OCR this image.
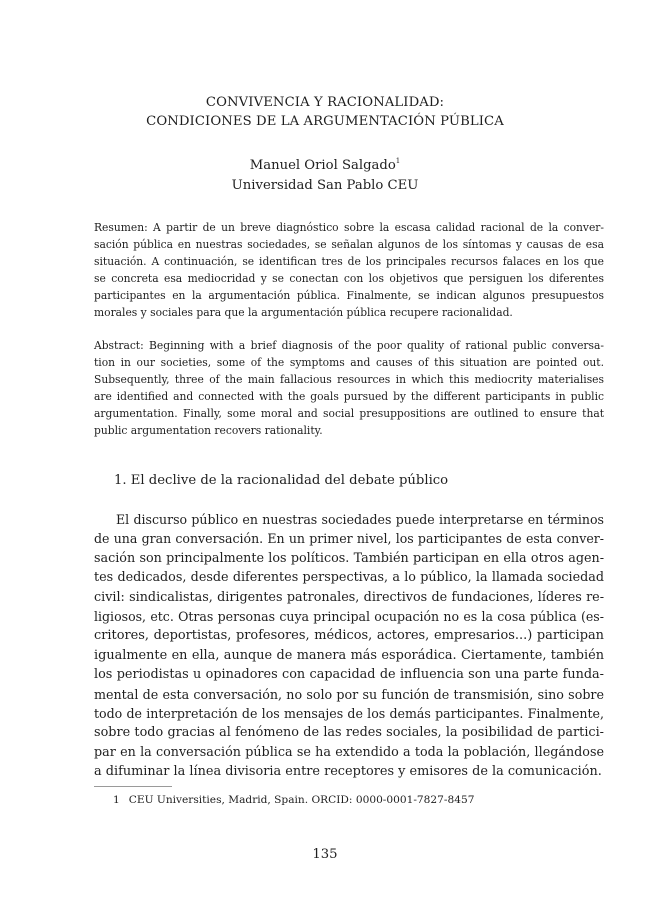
CONVIVENCIA Y RACIONALIDAD:
CONDICIONES DE LA ARGUMENTACIÓN PÚBLICA
Manuel Oriol Salgado$^1$
Universidad San Pablo CEU
Resumen: A partir de un breve diagnóstico sobre la escasa calidad racional de la conver-
sación pública en nuestras sociedades, se señalan algunos de los síntomas y causas de esa
situación. A continuación, se identifican tres de los principales recursos falaces en los que
se concreta esa mediocridad y se conectan con los objetivos que persiguen los diferentes
participantes en la argumentación pública. Finalmente, se indican algunos presupuestos
morales y sociales para que la argumentación pública recupere racionalidad.
Abstract: Beginning with a brief diagnosis of the poor quality of rational public conversa-
tion in our societies, some of the symptoms and causes of this situation are pointed out.
Subsequently, three of the main fallacious resources in which this mediocrity materialises
are identified and connected with the goals pursued by the different participants in public
argumentation. Finally, some moral and social presuppositions are outlined to ensure that
public argumentation recovers rationality.
1. El declive de la racionalidad del debate público
El discurso público en nuestras sociedades puede interpretarse en términos
de una gran conversación. En un primer nivel, los participantes de esta conver-
sación son principalmente los políticos. También participan en ella otros agen-
tes dedicados, desde diferentes perspectivas, a lo público, la llamada sociedad
civil: sindicalistas, dirigentes patronales, directivos de fundaciones, líderes re-
ligiosos, etc. Otras personas cuya principal ocupación no es la cosa pública (es-
critores, deportistas, profesores, médicos, actores, empresarios...) participan
igualmente en ella, aunque de manera más esporádica. Ciertamente, también
los periodistas u opinadores con capacidad de influencia son una parte funda-
mental de esta conversación, no solo por su función de transmisión, sino sobre
todo de interpretación de los mensajes de los demás participantes. Finalmente,
sobre todo gracias al fenómeno de las redes sociales, la posibilidad de partici-
par en la conversación pública se ha extendido a toda la población, llegándose
a difuminar la línea divisoria entre receptores y emisores de la comunicación.
1 CEU Universities, Madrid, Spain. ORCID: 0000-0001-7827-8457
135
